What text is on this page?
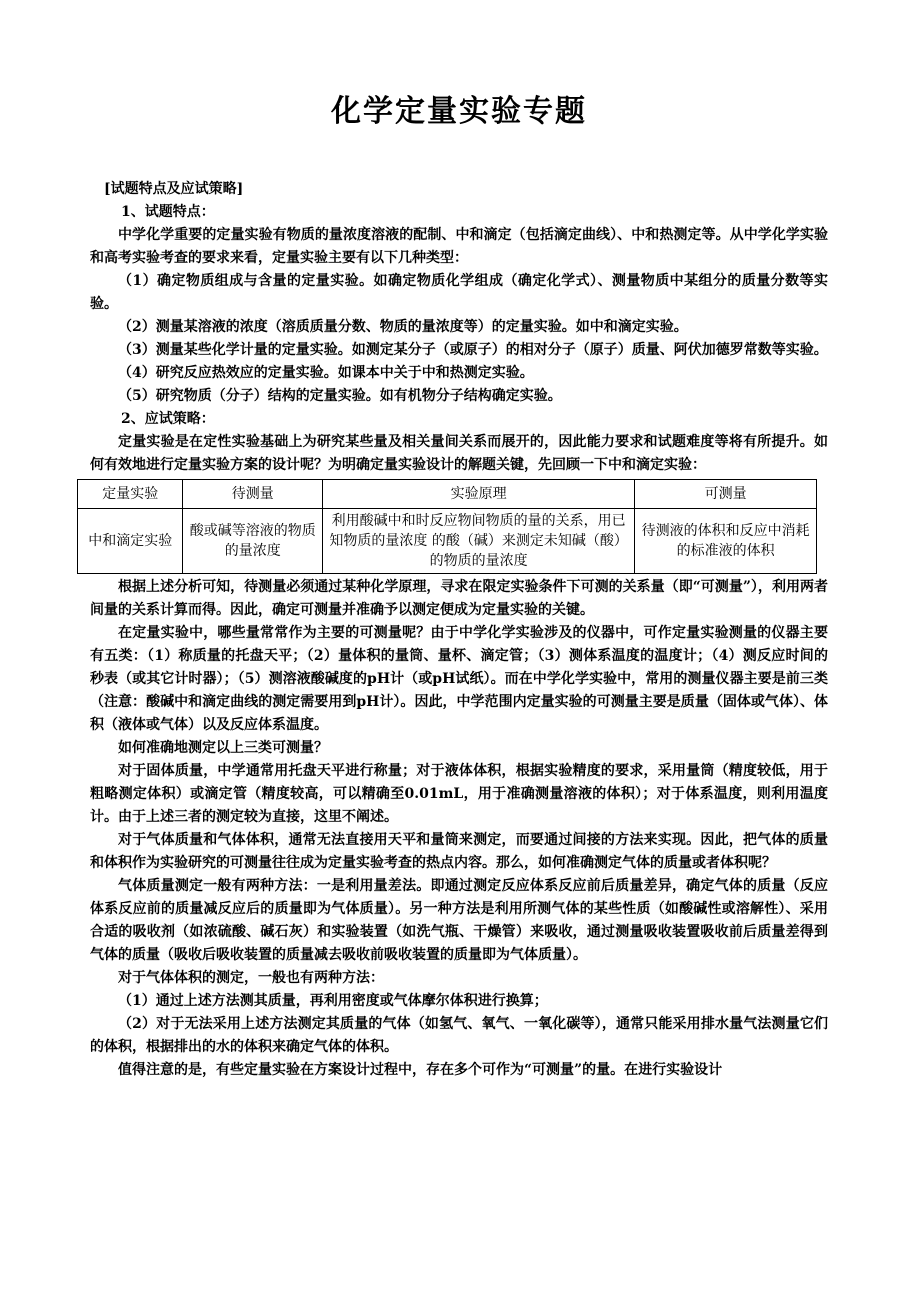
化学定量实验专题
[试题特点及应试策略]
1、试题特点：

中学化学重要的定量实验有物质的量浓度溶液的配制、中和滴定（包括滴定曲线）、中和热测定等。从中学化学实验和高考实验考查的要求来看，定量实验主要有以下几种类型：

（1）确定物质组成与含量的定量实验。如确定物质化学组成（确定化学式）、测量物质中某组分的质量分数等实验。

（2）测量某溶液的浓度（溶质质量分数、物质的量浓度等）的定量实验。如中和滴定实验。

（3）测量某些化学计量的定量实验。如测定某分子（或原子）的相对分子（原子）质量、阿伏加德罗常数等实验。

（4）研究反应热效应的定量实验。如课本中关于中和热测定实验。

（5）研究物质（分子）结构的定量实验。如有机物分子结构确定实验。

2、应试策略：

定量实验是在定性实验基础上为研究某些量及相关量间关系而展开的，因此能力要求和试题难度等将有所提升。如何有效地进行定量实验方案的设计呢？为明确定量实验设计的解题关键，先回顾一下中和滴定实验：

定量实验	待测量	实验原理	可测量
中和滴定实验	酸或碱等溶液的物质的量浓度	利用酸碱中和时反应物间物质的量的关系，用已知物质的量浓度 的酸（碱）来测定未知碱（酸）的物质的量浓度	待测液的体积和反应中消耗的标准液的体积

根据上述分析可知，待测量必须通过某种化学原理，寻求在限定实验条件下可测的关系量（即“可测量”），利用两者间量的关系计算而得。因此，确定可测量并准确予以测定便成为定量实验的关键。

在定量实验中，哪些量常常作为主要的可测量呢？由于中学化学实验涉及的仪器中，可作定量实验测量的仪器主要有五类：（1）称质量的托盘天平；（2）量体积的量筒、量杯、滴定管；（3）测体系温度的温度计；（4）测反应时间的秒表（或其它计时器）；（5）测溶液酸碱度的pH计（或pH试纸）。而在中学化学实验中，常用的测量仪器主要是前三类（注意：酸碱中和滴定曲线的测定需要用到pH计）。因此，中学范围内定量实验的可测量主要是质量（固体或气体）、体积（液体或气体）以及反应体系温度。

如何准确地测定以上三类可测量？

对于固体质量，中学通常用托盘天平进行称量；对于液体体积，根据实验精度的要求，采用量筒（精度较低，用于粗略测定体积）或滴定管（精度较高，可以精确至0.01mL，用于准确测量溶液的体积）；对于体系温度，则利用温度计。由于上述三者的测定较为直接，这里不阐述。

对于气体质量和气体体积，通常无法直接用天平和量筒来测定，而要通过间接的方法来实现。因此，把气体的质量和体积作为实验研究的可测量往往成为定量实验考查的热点内容。那么，如何准确测定气体的质量或者体积呢？

气体质量测定一般有两种方法：一是利用量差法。即通过测定反应体系反应前后质量差异，确定气体的质量（反应体系反应前的质量减反应后的质量即为气体质量）。另一种方法是利用所测气体的某些性质（如酸碱性或溶解性）、采用合适的吸收剂（如浓硫酸、碱石灰）和实验装置（如洗气瓶、干燥管）来吸收，通过测量吸收装置吸收前后质量差得到气体的质量（吸收后吸收装置的质量减去吸收前吸收装置的质量即为气体质量）。

对于气体体积的测定，一般也有两种方法：

（1）通过上述方法测其质量，再利用密度或气体摩尔体积进行换算；

（2）对于无法采用上述方法测定其质量的气体（如氢气、氧气、一氧化碳等），通常只能采用排水量气法测量它们的体积，根据排出的水的体积来确定气体的体积。

值得注意的是，有些定量实验在方案设计过程中，存在多个可作为“可测量”的量。在进行实验设计
